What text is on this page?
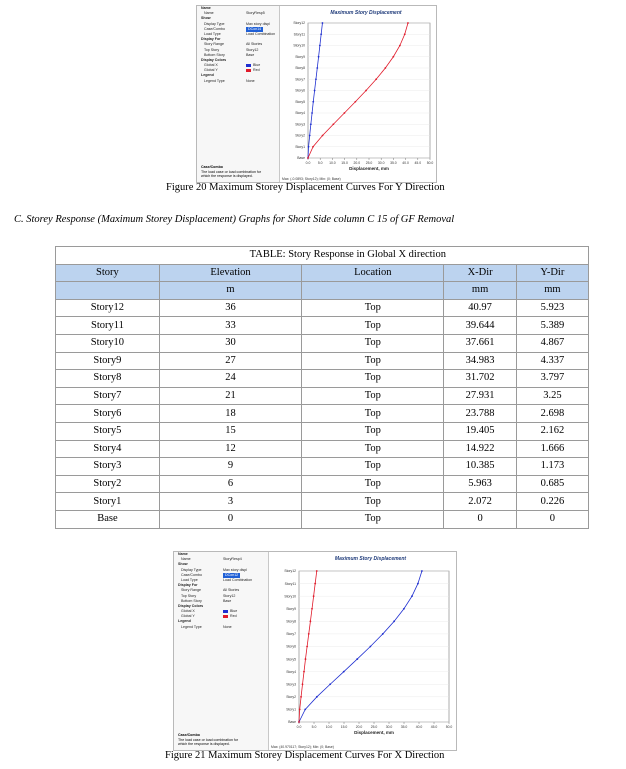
Name
Name	StoryResp5
Show
Display Type	Max story displ
Case/Combo	DCon14
Load Type	Load Combination
Display For
Story Range	All Stories
Top Story	Story12
Bottom Story	Base
Display Colors
Global X	Blue
Global Y	Red
Legend
Legend Type	None
Case/Combo
The load case or load combination for which the response is displayed.
Maximum Story Displacement
Base
Story1
Story2
Story3
Story4
Story5
Story6
Story7
Story8
Story9
Story10
Story11
Story12
0.0 5.0 10.0 15.0 20.0 25.0 30.0 35.0 40.0 45.0 50.0
Displacement, mm
Max: (-0.0893; Story12); Min: (0; Base)
Figure 20 Maximum Storey Displacement Curves For Y Direction
C. Storey Response (Maximum Storey Displacement) Graphs for Short Side column C 15 of GF Removal
		TABLE: Story Response in Global X direction		
Story	Elevation	Location	X-Dir	Y-Dir
	m		mm	mm
Story12	36	Top	40.97	5.923
Story11	33	Top	39.644	5.389
Story10	30	Top	37.661	4.867
Story9	27	Top	34.983	4.337
Story8	24	Top	31.702	3.797
Story7	21	Top	27.931	3.25
Story6	18	Top	23.788	2.698
Story5	15	Top	19.405	2.162
Story4	12	Top	14.922	1.666
Story3	9	Top	10.385	1.173
Story2	6	Top	5.963	0.685
Story1	3	Top	2.072	0.226
Base	0	Top	0	0
Name
Name	StoryResp4
Show
Display Type	Max story displ
Case/Combo	DCon12
Load Type	Load Combination
Display For
Story Range	All Stories
Top Story	Story12
Bottom Story	Base
Display Colors
Global X	Blue
Global Y	Red
Legend
Legend Type	None
Case/Combo
The load case or load combination for which the response is displayed.
Maximum Story Displacement
Base
Story1
Story2
Story3
Story4
Story5
Story6
Story7
Story8
Story9
Story10
Story11
Story12
0.0	5.0	10.0 15.0 20.0 25.0 30.0 35.0 40.0 45.0 50.0
Displacement, mm
Max: (40.970117; Story12); Min: (0; Base)
Figure 21 Maximum Storey Displacement Curves For X Direction
